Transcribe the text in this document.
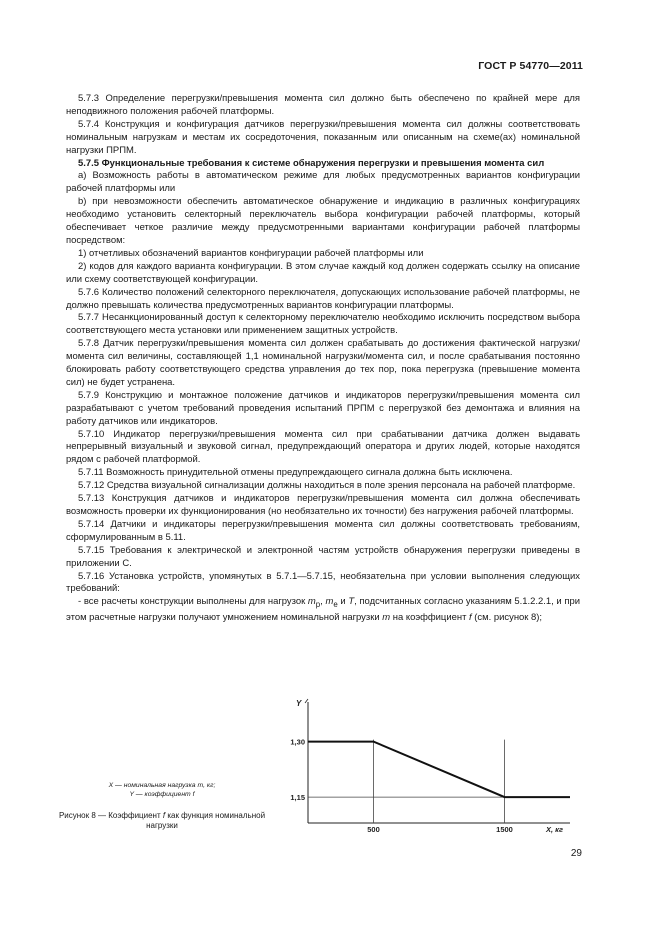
ГОСТ Р 54770—2011

5.7.3 Определение перегрузки/превышения момента сил должно быть обеспечено по крайней мере для неподвижного положения рабочей платформы.

5.7.4 Конструкция и конфигурация датчиков перегрузки/превышения момента сил должны соответствовать номинальным нагрузкам и местам их сосредоточения, показанным или описанным на схеме(ах) номинальной нагрузки ПРПМ.

5.7.5 Функциональные требования к системе обнаружения перегрузки и превышения момента сил

а) Возможность работы в автоматическом режиме для любых предусмотренных вариантов конфигурации рабочей платформы или

b) при невозможности обеспечить автоматическое обнаружение и индикацию в различных конфигурациях необходимо установить селекторный переключатель выбора конфигурации рабочей платформы, который обеспечивает четкое различие между предусмотренными вариантами конфигурации рабочей платформы посредством:

1) отчетливых обозначений вариантов конфигурации рабочей платформы или

2) кодов для каждого варианта конфигурации. В этом случае каждый код должен содержать ссылку на описание или схему соответствующей конфигурации.

5.7.6 Количество положений селекторного переключателя, допускающих использование рабочей платформы, не должно превышать количества предусмотренных вариантов конфигурации платформы.

5.7.7 Несанкционированный доступ к селекторному переключателю необходимо исключить посредством выбора соответствующего места установки или применением защитных устройств.

5.7.8 Датчик перегрузки/превышения момента сил должен срабатывать до достижения фактической нагрузки/момента сил величины, составляющей 1,1 номинальной нагрузки/момента сил, и после срабатывания постоянно блокировать работу соответствующего средства управления до тех пор, пока перегрузка (превышение момента сил) не будет устранена.

5.7.9 Конструкцию и монтажное положение датчиков и индикаторов перегрузки/превышения момента сил разрабатывают с учетом требований проведения испытаний ПРПМ с перегрузкой без демонтажа и влияния на работу датчиков или индикаторов.

5.7.10 Индикатор перегрузки/превышения момента сил при срабатывании датчика должен выдавать непрерывный визуальный и звуковой сигнал, предупреждающий оператора и других людей, которые находятся рядом с рабочей платформой.

5.7.11 Возможность принудительной отмены предупреждающего сигнала должна быть исключена.

5.7.12 Средства визуальной сигнализации должны находиться в поле зрения персонала на рабочей платформе.

5.7.13 Конструкция датчиков и индикаторов перегрузки/превышения момента сил должна обеспечивать возможность проверки их функционирования (но необязательно их точности) без нагружения рабочей платформы.

5.7.14 Датчики и индикаторы перегрузки/превышения момента сил должны соответствовать требованиям, сформулированным в 5.11.

5.7.15 Требования к электрической и электронной частям устройств обнаружения перегрузки приведены в приложении С.

5.7.16 Установка устройств, упомянутых в 5.7.1—5.7.15, необязательна при условии выполнения следующих требований:

- все расчеты конструкции выполнены для нагрузок $m_p$, $m_e$ и T, подсчитанных согласно указаниям 5.1.2.2.1, и при этом расчетные нагрузки получают умножением номинальной нагрузки m на коэффициент f (см. рисунок 8);

X — номинальная нагрузка m, кг;
Y — коэффициент f
Рисунок 8 — Коэффициент f как функция номинальной нагрузки	500	1500
1,30
1,15
Y
X, кг
29
